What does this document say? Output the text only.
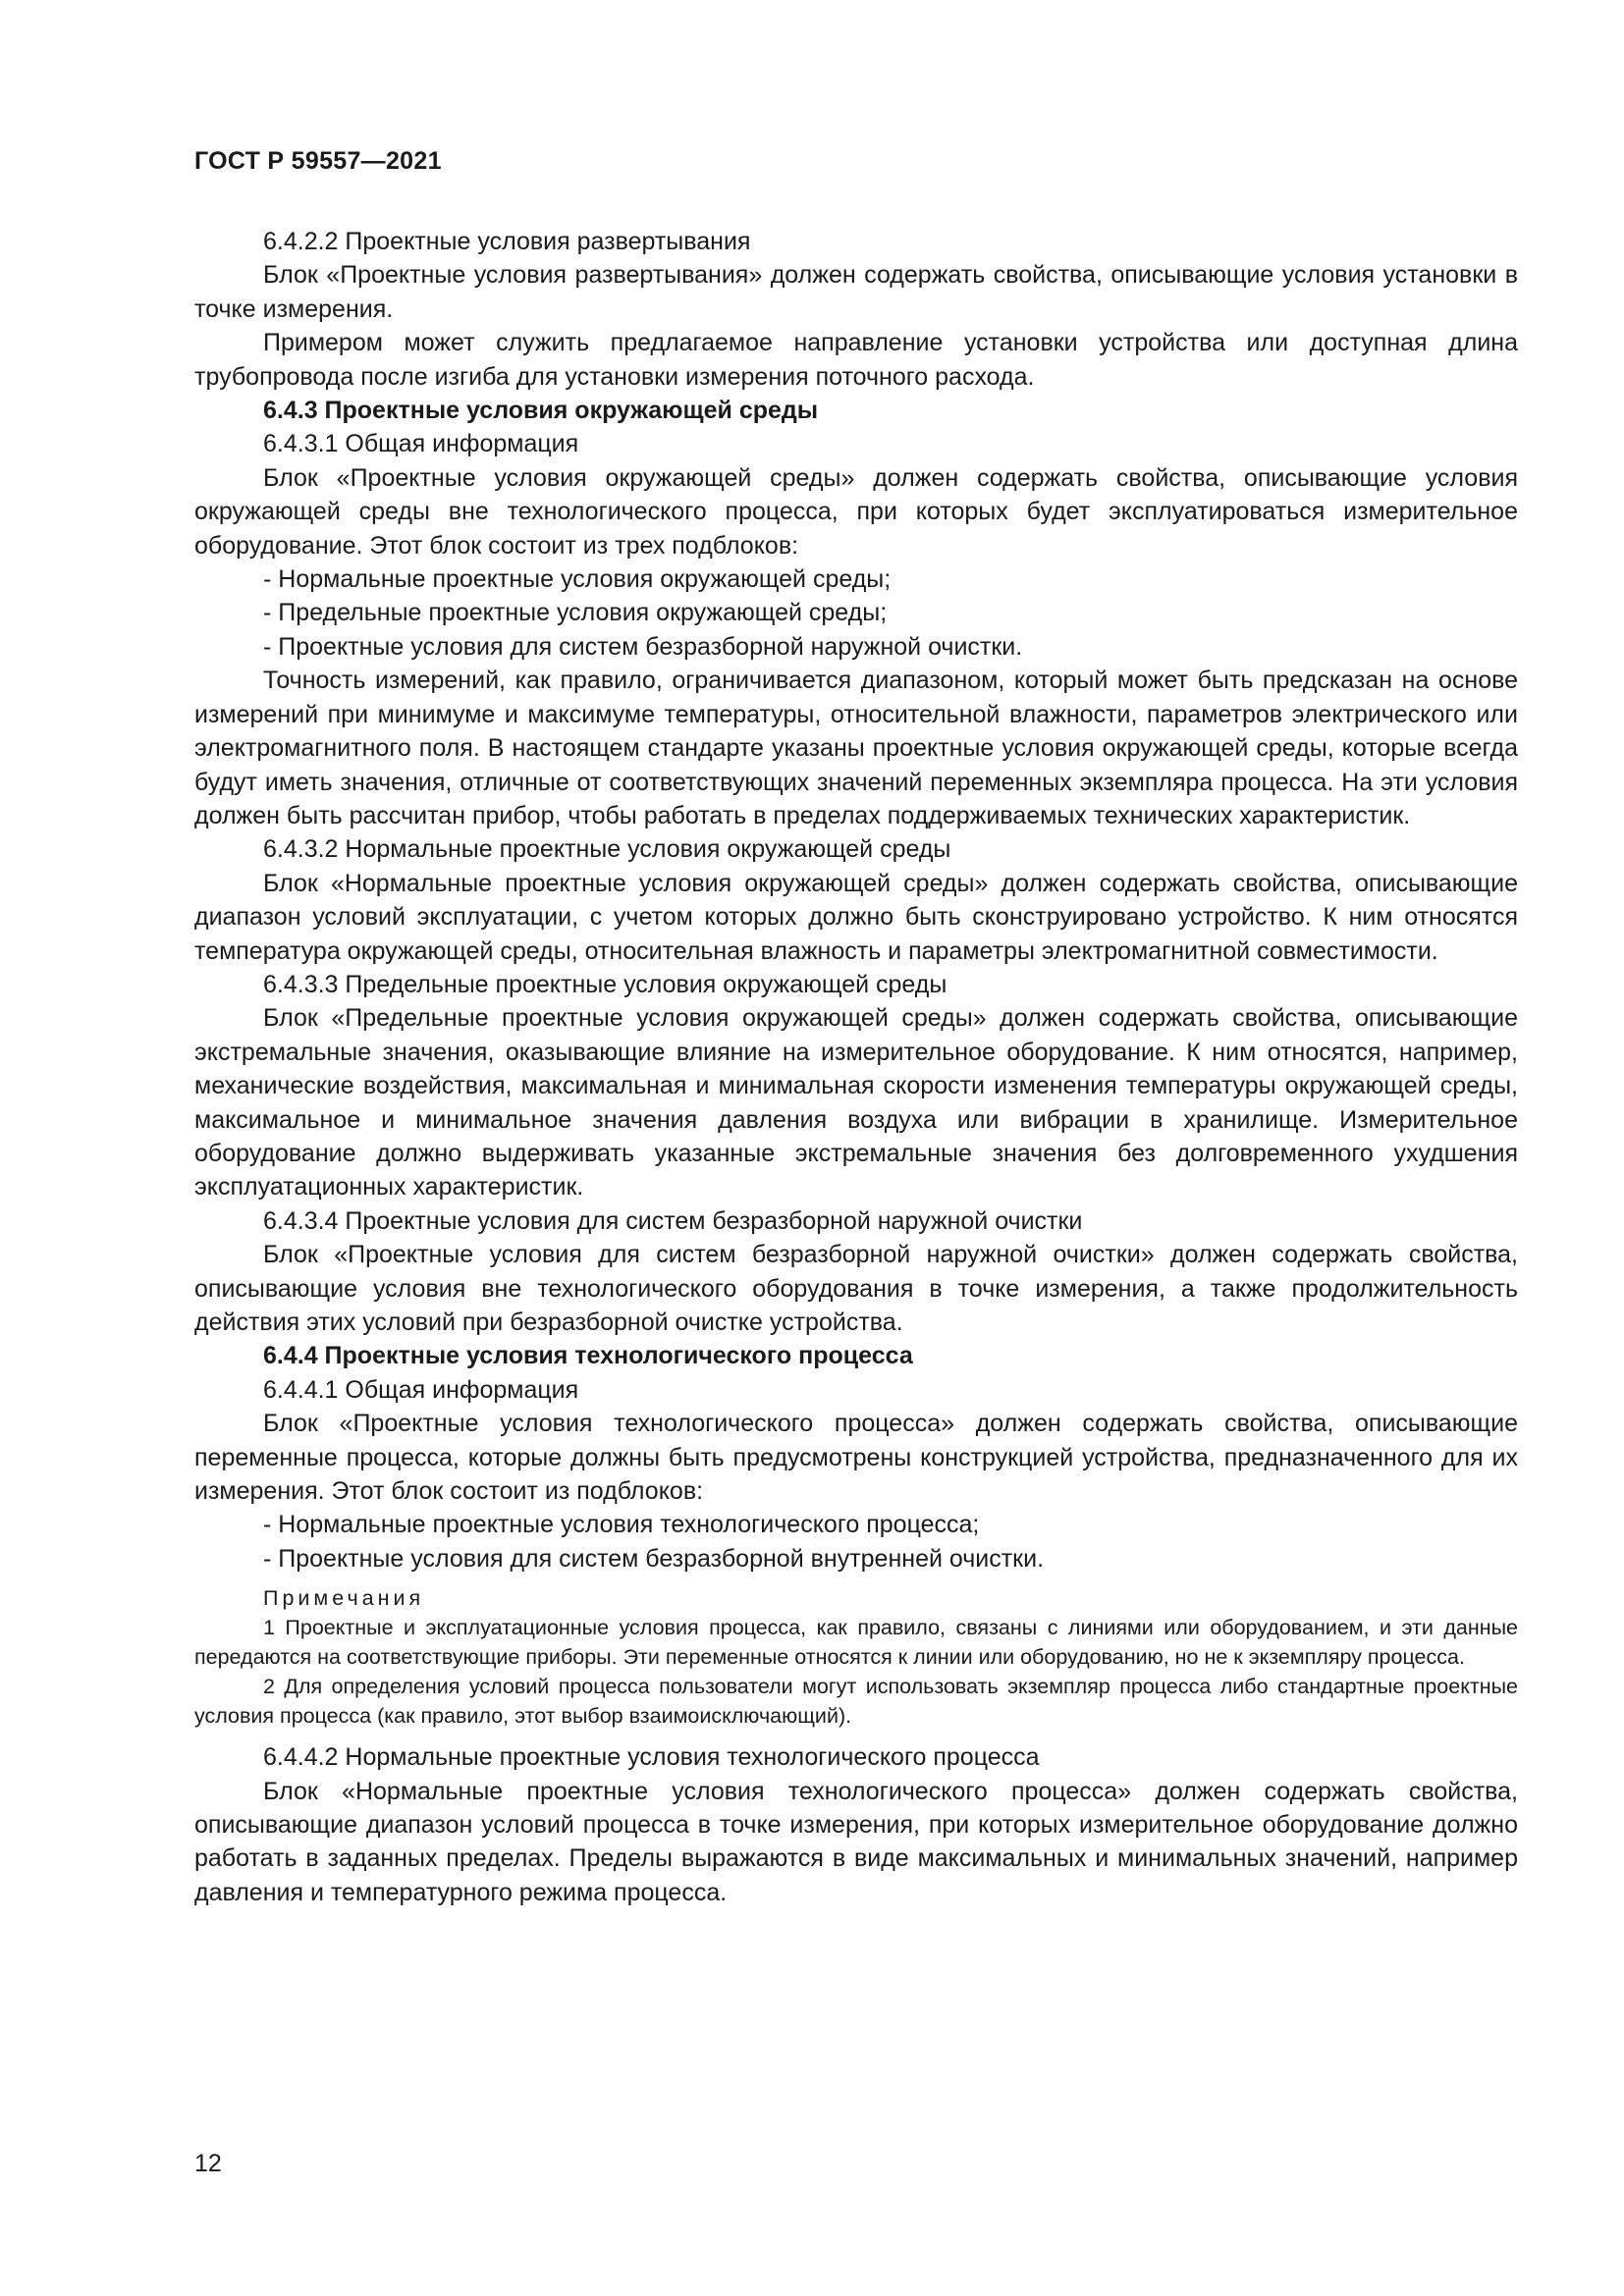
ГОСТ Р 59557—2021

6.4.2.2 Проектные условия развертывания

Блок «Проектные условия развертывания» должен содержать свойства, описывающие условия установки в точке измерения.

Примером может служить предлагаемое направление установки устройства или доступная длина трубопровода после изгиба для установки измерения поточного расхода.

6.4.3 Проектные условия окружающей среды

6.4.3.1 Общая информация

Блок «Проектные условия окружающей среды» должен содержать свойства, описывающие условия окружающей среды вне технологического процесса, при которых будет эксплуатироваться измерительное оборудование. Этот блок состоит из трех подблоков:

- Нормальные проектные условия окружающей среды;

- Предельные проектные условия окружающей среды;

- Проектные условия для систем безразборной наружной очистки.

Точность измерений, как правило, ограничивается диапазоном, который может быть предсказан на основе измерений при минимуме и максимуме температуры, относительной влажности, параметров электрического или электромагнитного поля. В настоящем стандарте указаны проектные условия окружающей среды, которые всегда будут иметь значения, отличные от соответствующих значений переменных экземпляра процесса. На эти условия должен быть рассчитан прибор, чтобы работать в пределах поддерживаемых технических характеристик.

6.4.3.2 Нормальные проектные условия окружающей среды

Блок «Нормальные проектные условия окружающей среды» должен содержать свойства, описывающие диапазон условий эксплуатации, с учетом которых должно быть сконструировано устройство. К ним относятся температура окружающей среды, относительная влажность и параметры электромагнитной совместимости.

6.4.3.3 Предельные проектные условия окружающей среды

Блок «Предельные проектные условия окружающей среды» должен содержать свойства, описывающие экстремальные значения, оказывающие влияние на измерительное оборудование. К ним относятся, например, механические воздействия, максимальная и минимальная скорости изменения температуры окружающей среды, максимальное и минимальное значения давления воздуха или вибрации в хранилище. Измерительное оборудование должно выдерживать указанные экстремальные значения без долговременного ухудшения эксплуатационных характеристик.

6.4.3.4 Проектные условия для систем безразборной наружной очистки

Блок «Проектные условия для систем безразборной наружной очистки» должен содержать свойства, описывающие условия вне технологического оборудования в точке измерения, а также продолжительность действия этих условий при безразборной очистке устройства.

6.4.4 Проектные условия технологического процесса

6.4.4.1 Общая информация

Блок «Проектные условия технологического процесса» должен содержать свойства, описывающие переменные процесса, которые должны быть предусмотрены конструкцией устройства, предназначенного для их измерения. Этот блок состоит из подблоков:

- Нормальные проектные условия технологического процесса;

- Проектные условия для систем безразборной внутренней очистки.

Примечания

1 Проектные и эксплуатационные условия процесса, как правило, связаны с линиями или оборудованием, и эти данные передаются на соответствующие приборы. Эти переменные относятся к линии или оборудованию, но не к экземпляру процесса.

2 Для определения условий процесса пользователи могут использовать экземпляр процесса либо стандартные проектные условия процесса (как правило, этот выбор взаимоисключающий).

6.4.4.2 Нормальные проектные условия технологического процесса

Блок «Нормальные проектные условия технологического процесса» должен содержать свойства, описывающие диапазон условий процесса в точке измерения, при которых измерительное оборудование должно работать в заданных пределах. Пределы выражаются в виде максимальных и минимальных значений, например давления и температурного режима процесса.

12
